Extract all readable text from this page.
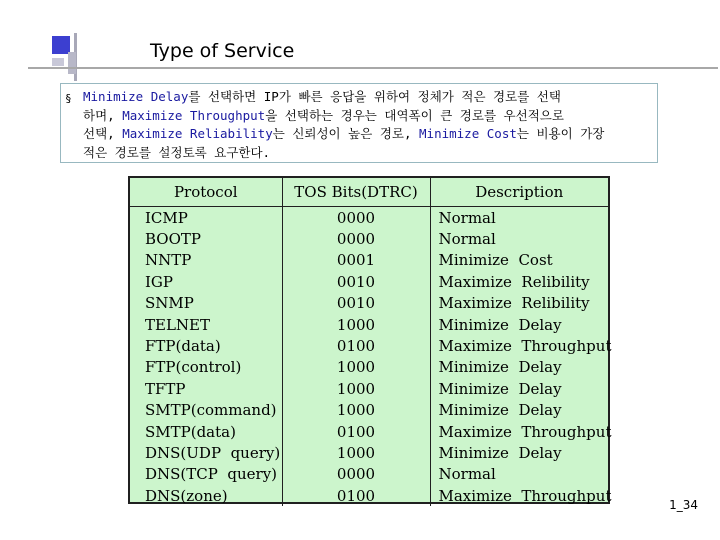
Type of Service
§ Minimize Delay를 선택하면 IP가 빠른 응답을 위하여 정체가 적은 경로를 선택
하며, Maximize Throughput을 선택하는 경우는 대역폭이 큰 경로를 우선적으로
선택, Maximize Reliability는 신뢰성이 높은 경로, Minimize Cost는 비용이 가장
적은 경로를 설정토록 요구한다.
Protocol	TOS Bits(DTRC)	Description
ICMP	0000	Normal
BOOTP	0000	Normal
NNTP	0001	Minimize  Cost
IGP	0010	Maximize  Relibility
SNMP	0010	Maximize  Relibility
TELNET	1000	Minimize  Delay
FTP(data)	0100	Maximize  Throughput
FTP(control)	1000	Minimize  Delay
TFTP	1000	Minimize  Delay
SMTP(command)	1000	Minimize  Delay
SMTP(data)	0100	Maximize  Throughput
DNS(UDP  query)	1000	Minimize  Delay
DNS(TCP  query)	0000	Normal
DNS(zone)	0100	Maximize  Throughput
1_34
